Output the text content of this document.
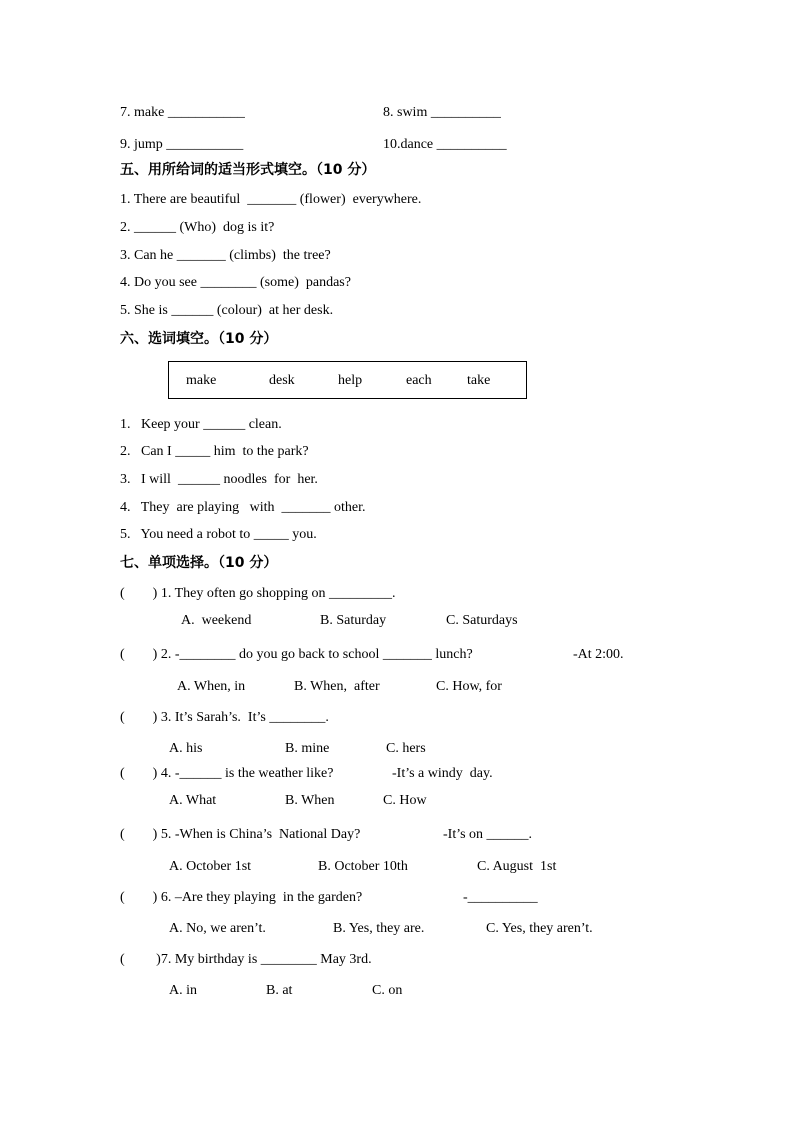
7. make ___________	8. swim __________
9. jump ___________	10.dance __________
五、用所给词的适当形式填空。（10 分）
1. There are beautiful  _______ (flower)  everywhere.
2. ______ (Who)  dog is it?
3. Can he _______ (climbs)  the tree?
4. Do you see ________ (some)  pandas?
5. She is ______ (colour)  at her desk.
六、选词填空。（10 分）
make	desk	help	each	take
1.   Keep your ______ clean.
2.   Can I _____ him  to the park?
3.   I will  ______ noodles  for  her.
4.   They  are playing   with  _______ other.
5.   You need a robot to _____ you.
七、单项选择。（10 分）
(        ) 1. They often go shopping on _________.
A.  weekend	B. Saturday	C. Saturdays
(        ) 2. -________ do you go back to school _______ lunch?	-At 2:00.
A. When, in	B. When,  after	C. How, for
(        ) 3. It’s Sarah’s.  It’s ________.
A. his	B. mine	C. hers
(        ) 4. -______ is the weather like?	-It’s a windy  day.
A. What	B. When	C. How
(        ) 5. -When is China’s  National Day?	-It’s on ______.
A. October 1st	B. October 10th	C. August  1st
(        ) 6. –Are they playing  in the garden?	-__________
A. No, we aren’t.	B. Yes, they are.	C. Yes, they aren’t.
(         )7. My birthday is ________ May 3rd.
A. in	B. at	C. on
